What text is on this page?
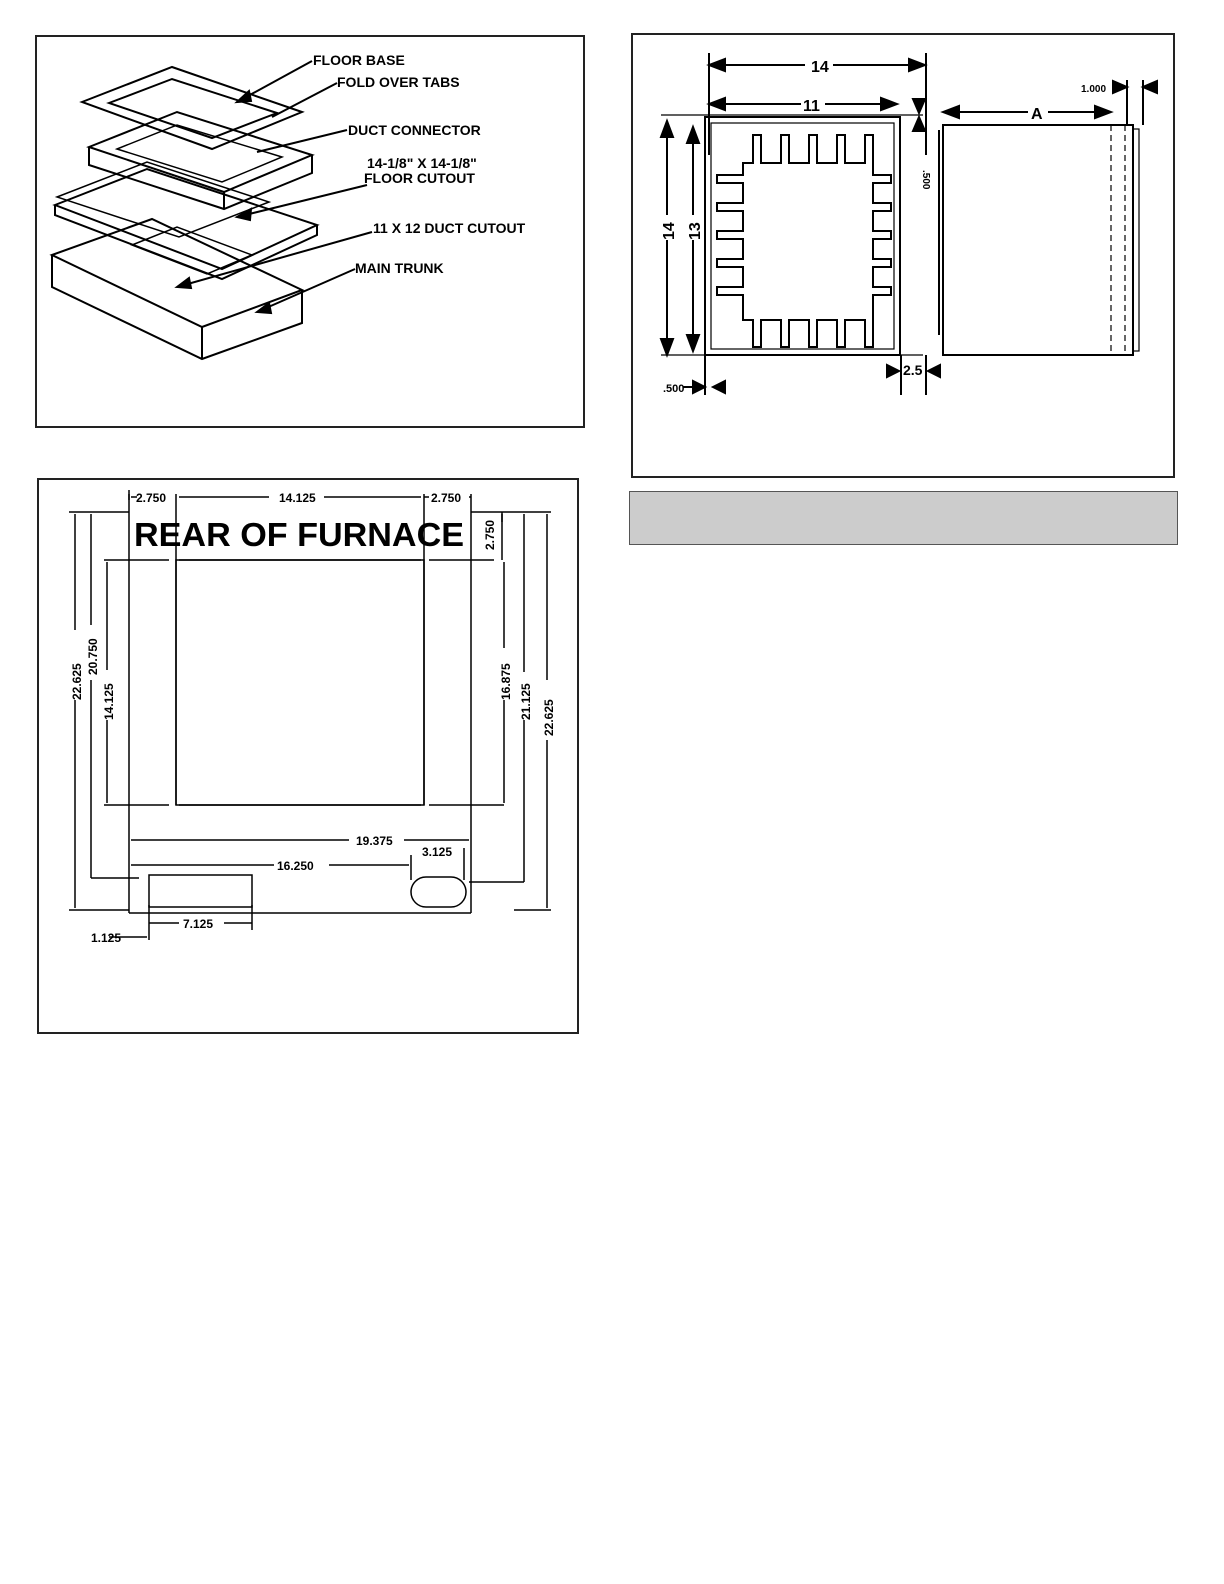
FLOOR BASE
FOLD OVER TABS
DUCT CONNECTOR
14-1/8" X 14-1/8"
FLOOR CUTOUT
11 X 12 DUCT CUTOUT
MAIN TRUNK
14
11
.500
14 13
.500
2.5
A
1.000
REAR OF FURNACE
2.750	14.125	2.750
2.750
22.625
20.750
14.125
16.875
21.125 22.625
19.375
16.250
3.125
7.125
1.125
